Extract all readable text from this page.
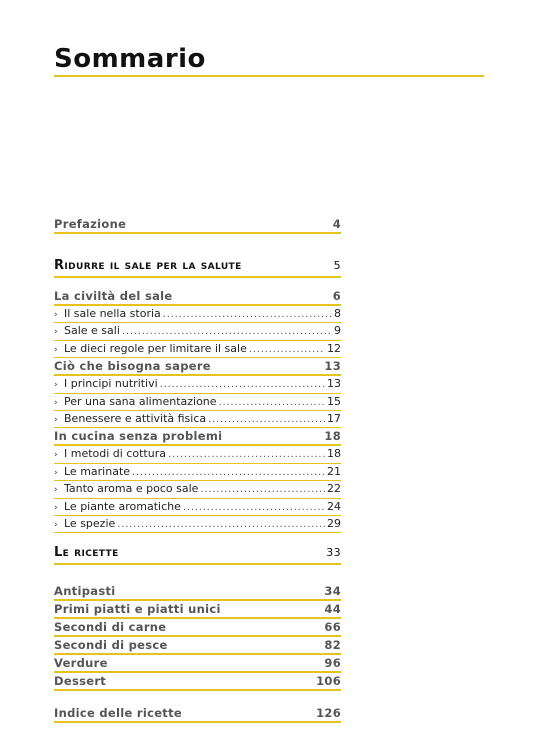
Sommario
Prefazione	4
Ridurre il sale per la salute	5
La civiltà del sale	6
› Il sale nella storia . . .	8
› Sale e sali . . .	9
› Le dieci regole per limitare il sale . . .	12
Ciò che bisogna sapere	13
› I principi nutritivi . . .	13
› Per una sana alimentazione . . .	15
› Benessere e attività fisica . . .	17
In cucina senza problemi	18
› I metodi di cottura . . .	18
› Le marinate . . .	21
› Tanto aroma e poco sale . . .	22
› Le piante aromatiche . . .	24
› Le spezie . . .	29
Le ricette	33
Antipasti	34
Primi piatti e piatti unici	44
Secondi di carne	66
Secondi di pesce	82
Verdure	96
Dessert	106
Indice delle ricette	126
